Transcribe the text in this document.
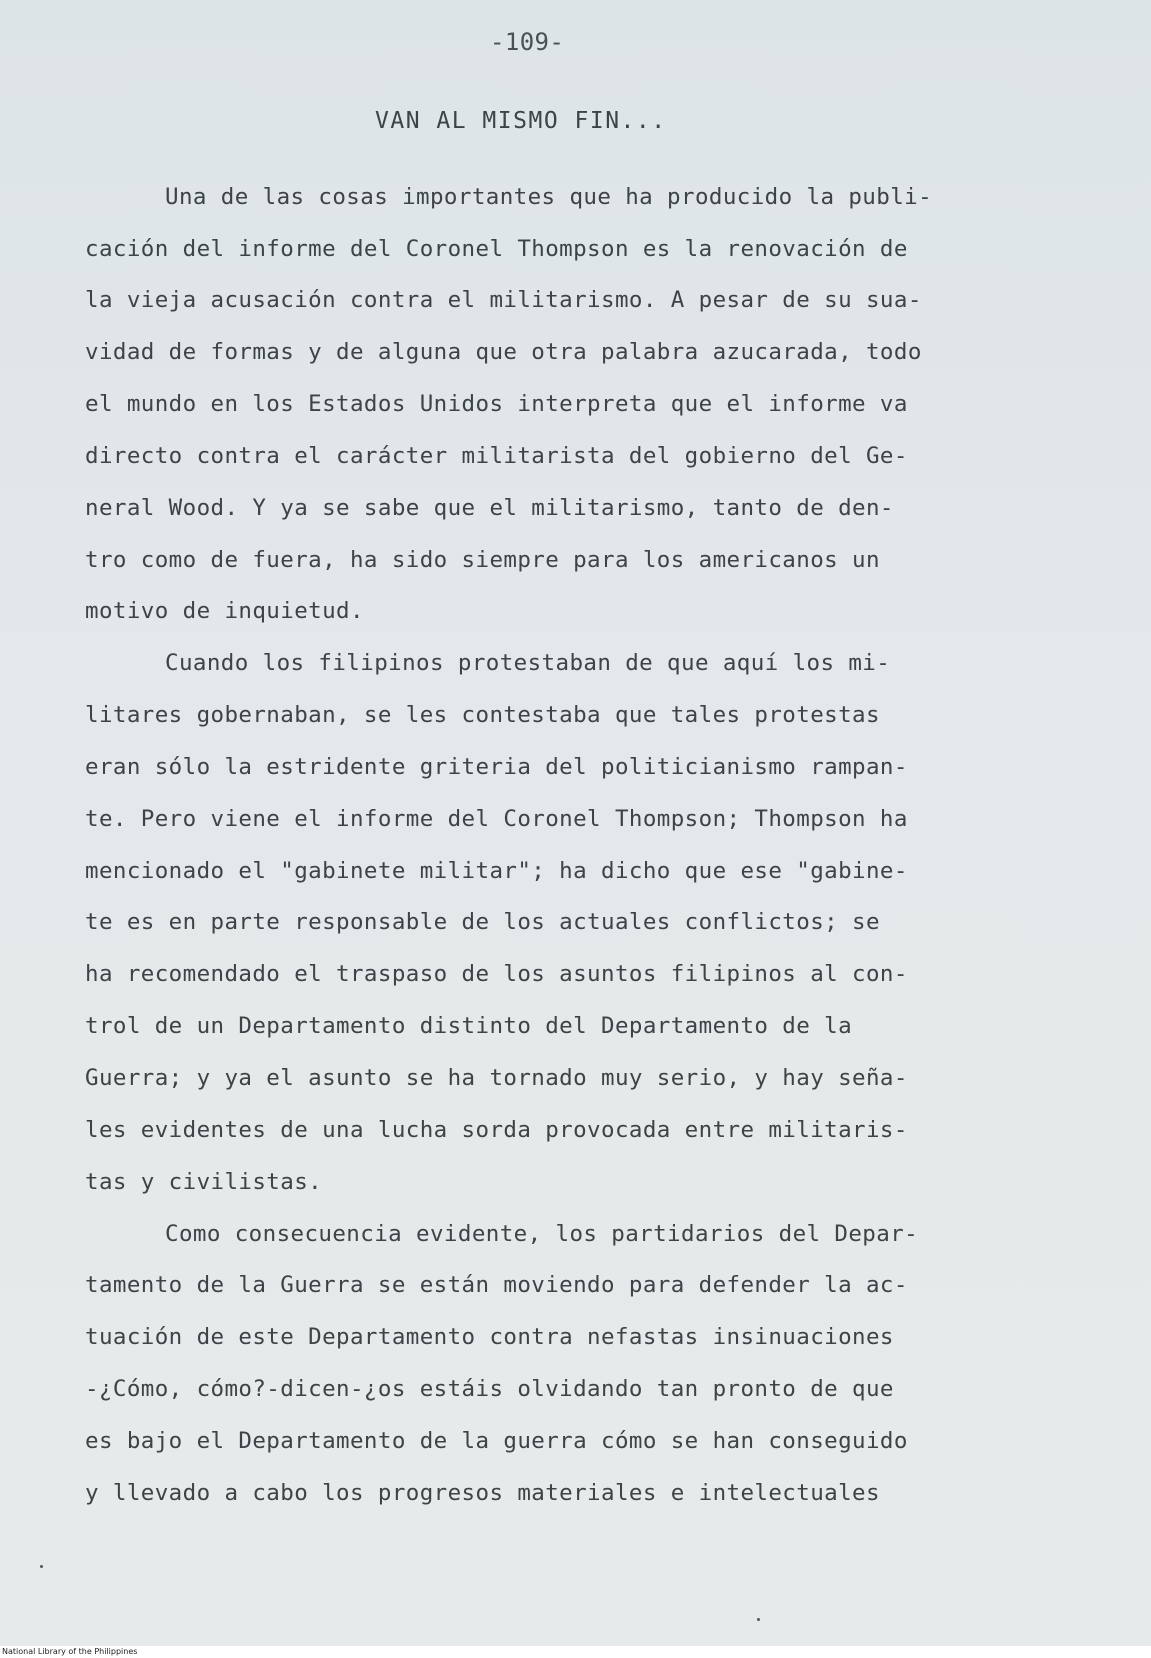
-109-
VAN AL MISMO FIN...
Una de las cosas importantes que ha producido la publi-
cación del informe del Coronel Thompson es la renovación de
la vieja acusación contra el militarismo. A pesar de su sua-
vidad de formas y de alguna que otra palabra azucarada, todo
el mundo en los Estados Unidos interpreta que el informe va
directo contra el carácter militarista del gobierno del Ge-
neral Wood. Y ya se sabe que el militarismo, tanto de den-
tro como de fuera, ha sido siempre para los americanos un
motivo de inquietud.
Cuando los filipinos protestaban de que aquí los mi-
litares gobernaban, se les contestaba que tales protestas
eran sólo la estridente griteria del politicianismo rampan-
te. Pero viene el informe del Coronel Thompson; Thompson ha
mencionado el "gabinete militar"; ha dicho que ese "gabine-
te es en parte responsable de los actuales conflictos; se
ha recomendado el traspaso de los asuntos filipinos al con-
trol de un Departamento distinto del Departamento de la
Guerra; y ya el asunto se ha tornado muy serio, y hay seña-
les evidentes de una lucha sorda provocada entre militaris-
tas y civilistas.
Como consecuencia evidente, los partidarios del Depar-
tamento de la Guerra se están moviendo para defender la ac-
tuación de este Departamento contra nefastas insinuaciones
-¿Cómo, cómo?-dicen-¿os estáis olvidando tan pronto de que
es bajo el Departamento de la guerra cómo se han conseguido
y llevado a cabo los progresos materiales e intelectuales
National Library of the Philippines
